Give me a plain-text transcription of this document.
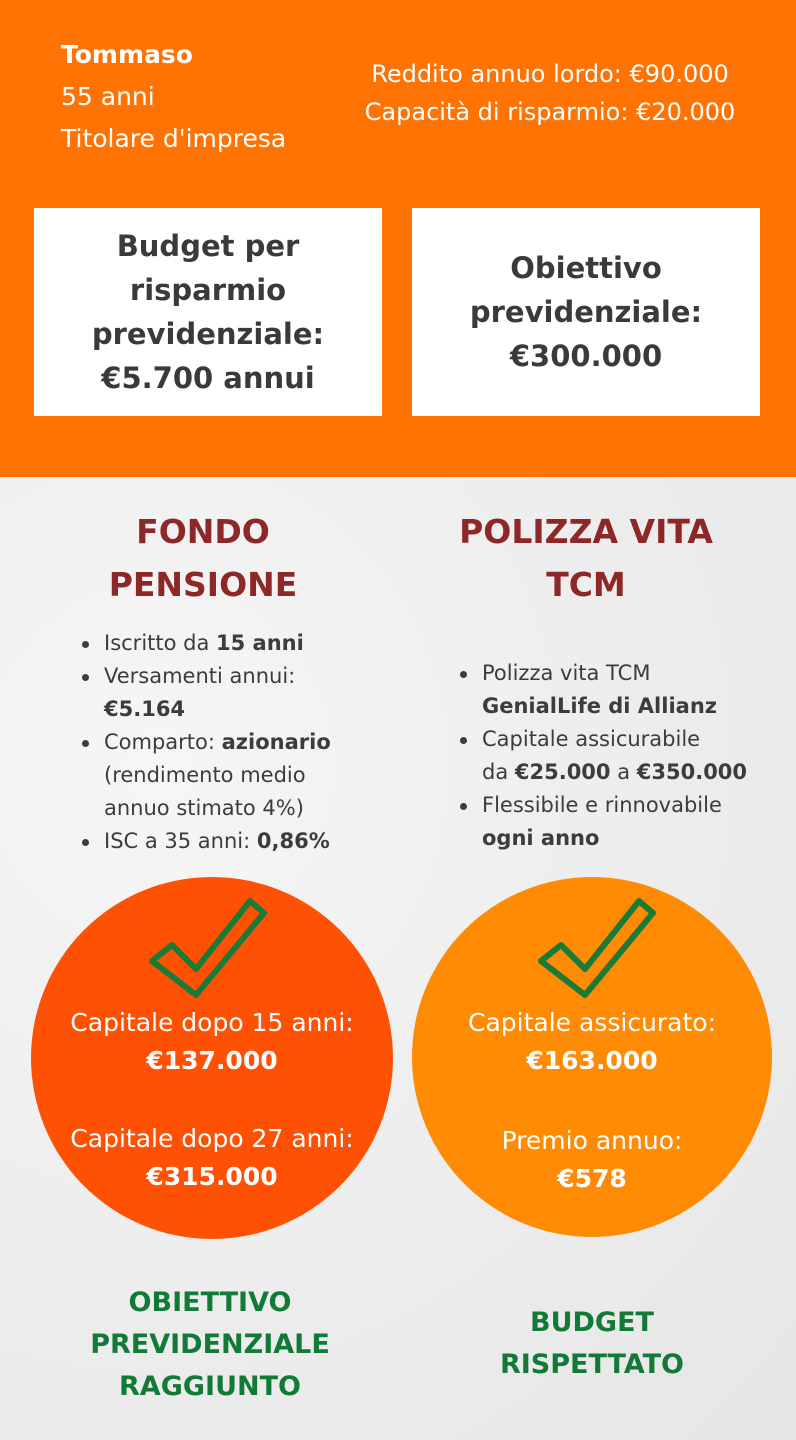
Tommaso
55 anni
Titolare d'impresa
Reddito annuo lordo: €90.000
Capacità di risparmio: €20.000
Budget per
risparmio
previdenziale:
€5.700 annui
Obiettivo
previdenziale:
€300.000
FONDO
PENSIONE
Iscritto da 15 anni
Versamenti annui:
€5.164
Comparto: azionario
(rendimento medio
annuo stimato 4%)
ISC a 35 anni: 0,86%
Capitale dopo 15 anni:
€137.000
Capitale dopo 27 anni:
€315.000
OBIETTIVO
PREVIDENZIALE
RAGGIUNTO
POLIZZA VITA
TCM
Polizza vita TCM
GenialLife di Allianz
Capitale assicurabile
da €25.000 a €350.000
Flessibile e rinnovabile
ogni anno
Capitale assicurato:
€163.000
Premio annuo:
€578
BUDGET
RISPETTATO
